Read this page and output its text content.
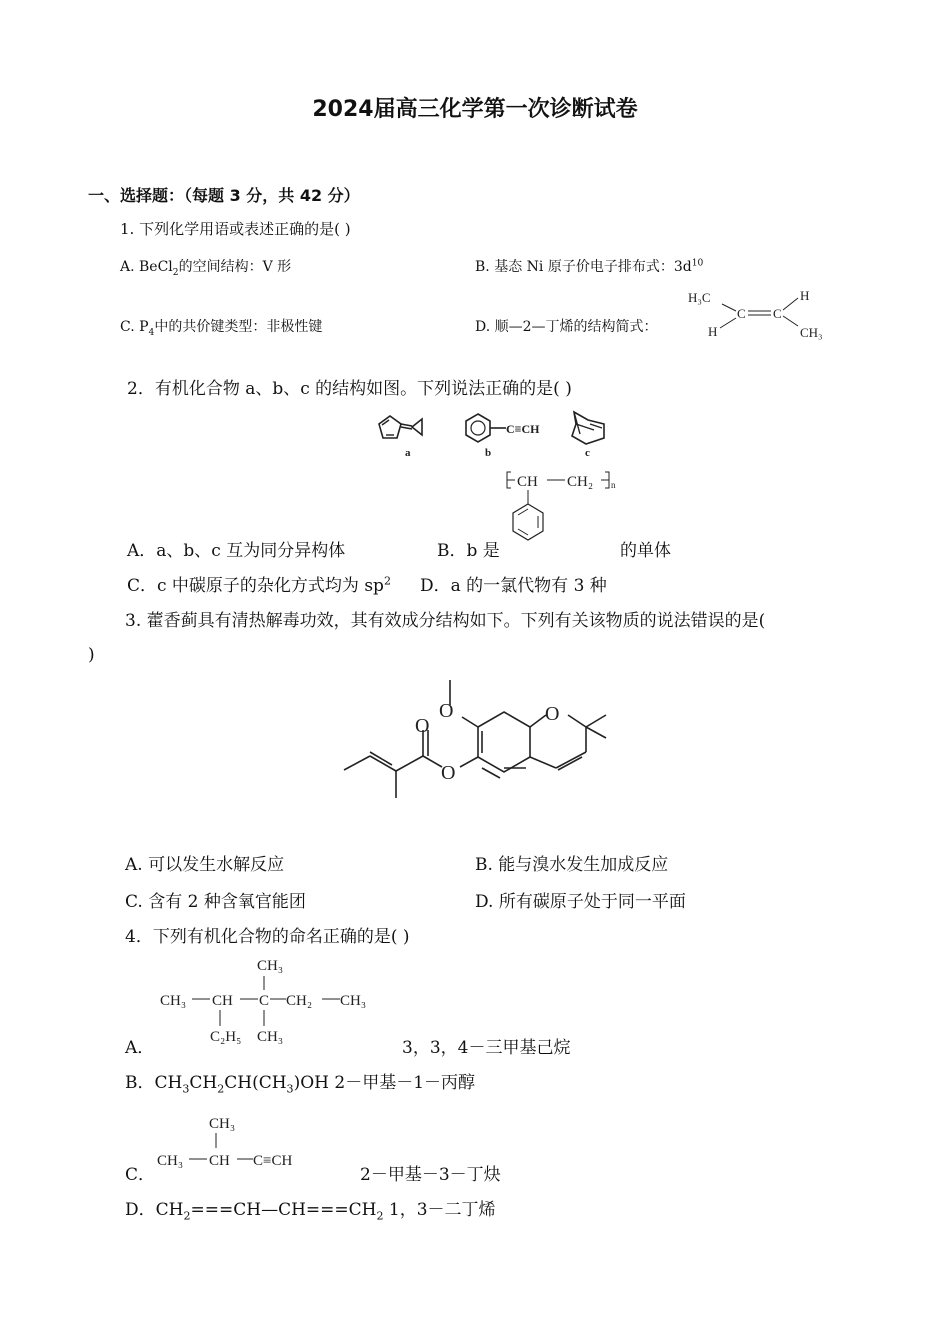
2024届高三化学第一次诊断试卷
一、选择题：（每题 3 分，共 42 分）
1. 下列化学用语或表述正确的是( )
A. BeCl$_2$的空间结构：V 形	B. 基态 Ni 原子价电子排布式：$3d^{10}$
C. $P_4$中的共价键类型：非极性键	D. 顺—2—丁烯的结构简式：
H₃C
C C
H
H	CH₃
2．有机化合物 a、b、c 的结构如图。下列说法正确的是( )
a
C≡CH
b	c
CH CH₂ n
A．a、b、c 互为同分异构体	B．b 是	的单体
C．c 中碳原子的杂化方式均为 $sp^2$ D．a 的一氯代物有 3 种
3. 藿香蓟具有清热解毒功效，其有效成分结构如下。下列有关该物质的说法错误的是(
)
O	O
O
O
A. 可以发生水解反应	B. 能与溴水发生加成反应
C. 含有 2 种含氧官能团	D. 所有碳原子处于同一平面
4．下列有机化合物的命名正确的是( )
CH₃
CH₃ CH C CH₂ CH₃
C₂H₅ CH₃
A．	3，3，4－三甲基己烷
B．$CH_3CH_2CH(CH_3)OH$ 2－甲基－1－丙醇
CH₃
CH₃ CH C≡CH
C．	2－甲基－3－丁炔
D．$CH_2===CH—CH===CH_2$ 1，3－二丁烯
